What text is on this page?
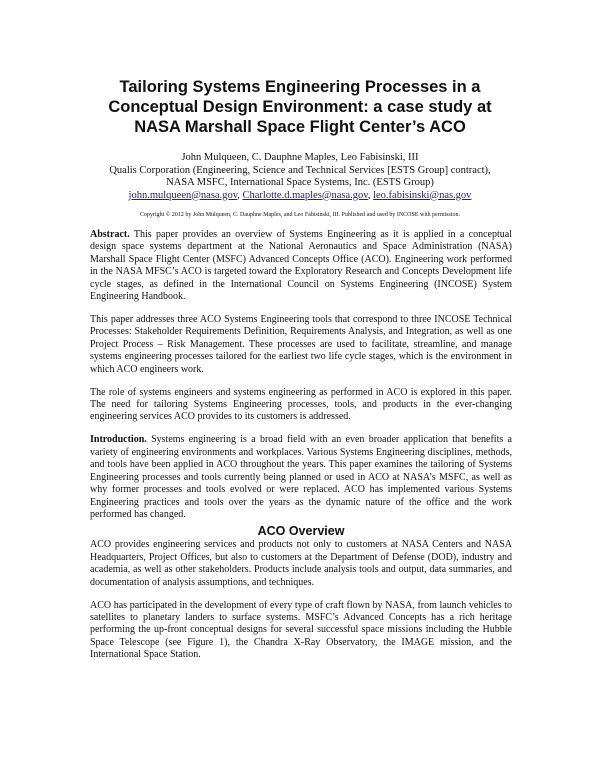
Tailoring Systems Engineering Processes in a
Conceptual Design Environment: a case study at
NASA Marshall Space Flight Center’s ACO
John Mulqueen, C. Dauphne Maples, Leo Fabisinski, III
Qualis Corporation (Engineering, Science and Technical Services [ESTS Group] contract),
NASA MSFC, International Space Systems, Inc. (ESTS Group)
john.mulqueen@nasa.gov, Charlotte.d.maples@nasa.gov, leo.fabisinski@nas.gov
Copyright © 2012 by John Mulqueen, C. Dauphne Maples, and Leo Fabisinski, III. Published and used by INCOSE with permission.

Abstract. This paper provides an overview of Systems Engineering as it is applied in a conceptual design space systems department at the National Aeronautics and Space Administration (NASA) Marshall Space Flight Center (MSFC) Advanced Concepts Office (ACO). Engineering work performed in the NASA MFSC’s ACO is targeted toward the Exploratory Research and Concepts Development life cycle stages, as defined in the International Council on Systems Engineering (INCOSE) System Engineering Handbook.

This paper addresses three ACO Systems Engineering tools that correspond to three INCOSE Technical Processes: Stakeholder Requirements Definition, Requirements Analysis, and Integration, as well as one Project Process – Risk Management. These processes are used to facilitate, streamline, and manage systems engineering processes tailored for the earliest two life cycle stages, which is the environment in which ACO engineers work.

The role of systems engineers and systems engineering as performed in ACO is explored in this paper. The need for tailoring Systems Engineering processes, tools, and products in the ever-changing engineering services ACO provides to its customers is addressed.

Introduction. Systems engineering is a broad field with an even broader application that benefits a variety of engineering environments and workplaces. Various Systems Engineering disciplines, methods, and tools have been applied in ACO throughout the years. This paper examines the tailoring of Systems Engineering processes and tools currently being planned or used in ACO at NASA’s MSFC, as well as why former processes and tools evolved or were replaced. ACO has implemented various Systems Engineering practices and tools over the years as the dynamic nature of the office and the work performed has changed.

ACO Overview

ACO provides engineering services and products not only to customers at NASA Centers and NASA Headquarters, Project Offices, but also to customers at the Department of Defense (DOD), industry and academia, as well as other stakeholders. Products include analysis tools and output, data summaries, and documentation of analysis assumptions, and techniques.

ACO has participated in the development of every type of craft flown by NASA, from launch vehicles to satellites to planetary landers to surface systems. MSFC’s Advanced Concepts has a rich heritage performing the up-front conceptual designs for several successful space missions including the Hubble Space Telescope (see Figure 1), the Chandra X-Ray Observatory, the IMAGE mission, and the International Space Station.
